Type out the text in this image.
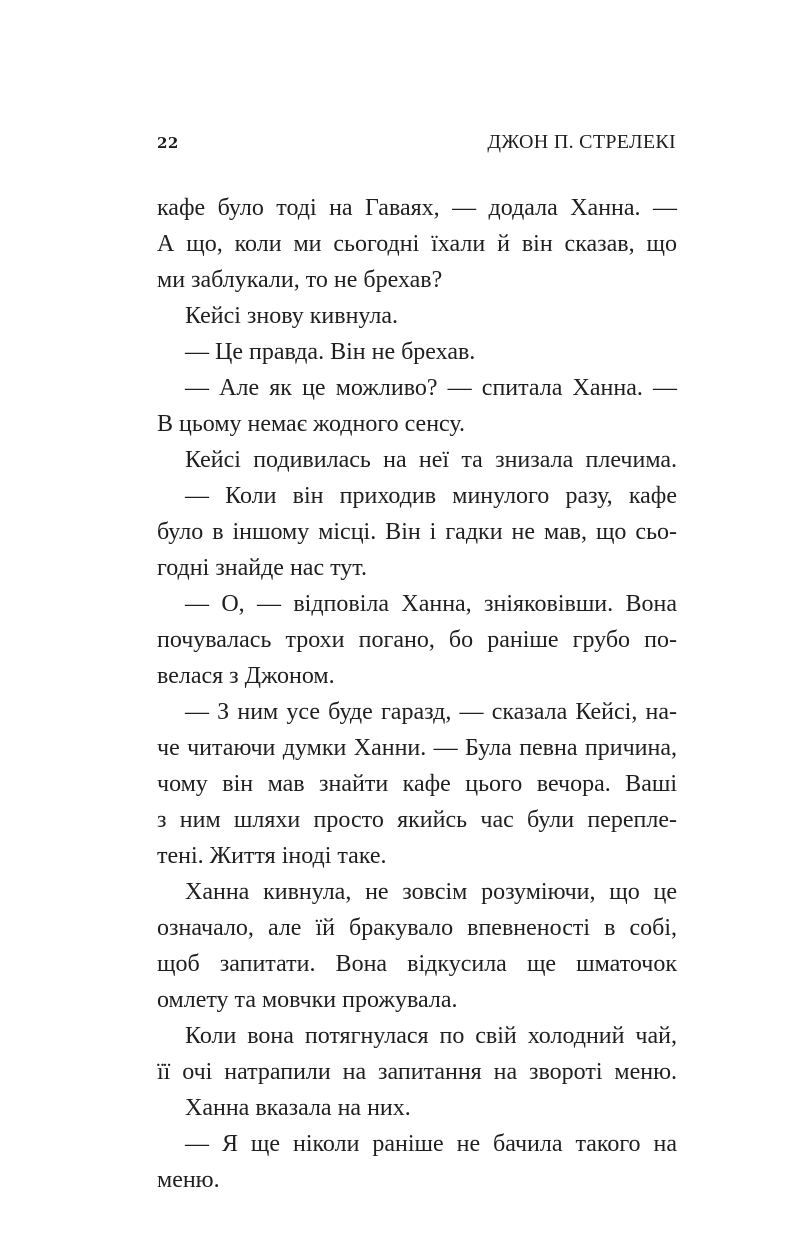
22	ДЖОН П. СТРЕЛЕКІ
кафе було тоді на Гаваях, — додала Ханна. —
А що, коли ми сьогодні їхали й він сказав, що
ми заблукали, то не брехав?
Кейсі знову кивнула.
— Це правда. Він не брехав.
— Але як це можливо? — спитала Ханна. —
В цьому немає жодного сенсу.
Кейсі подивилась на неї та знизала плечима.
— Коли він приходив минулого разу, кафе
було в іншому місці. Він і гадки не мав, що сьо-
годні знайде нас тут.
— О, — відповіла Ханна, зніяковівши. Вона
почувалась трохи погано, бо раніше грубо по-
велася з Джоном.
— З ним усе буде гаразд, — сказала Кейсі, на-
че читаючи думки Ханни. — Була певна причина,
чому він мав знайти кафе цього вечора. Ваші
з ним шляхи просто якийсь час були перепле-
тені. Життя іноді таке.
Ханна кивнула, не зовсім розуміючи, що це
означало, але їй бракувало впевненості в собі,
щоб запитати. Вона відкусила ще шматочок
омлету та мовчки прожувала.
Коли вона потягнулася по свій холодний чай,
її очі натрапили на запитання на звороті меню.
Ханна вказала на них.
— Я ще ніколи раніше не бачила такого на
меню.
